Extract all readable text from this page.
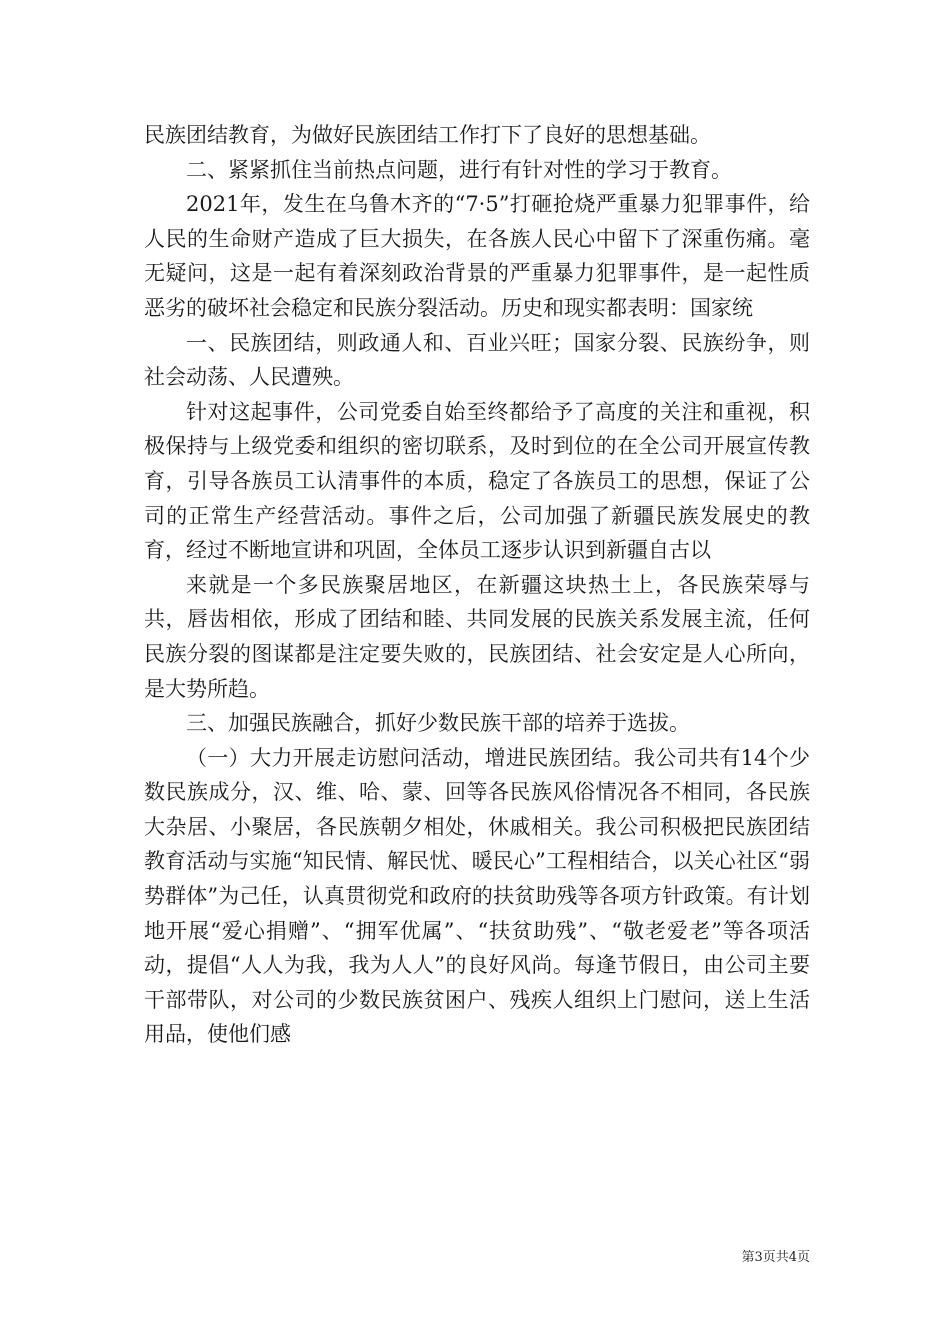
民族团结教育，为做好民族团结工作打下了良好的思想基础。

二、紧紧抓住当前热点问题，进行有针对性的学习于教育。

2021年，发生在乌鲁木齐的“7·5”打砸抢烧严重暴力犯罪事件，给人民的生命财产造成了巨大损失，在各族人民心中留下了深重伤痛。毫无疑问，这是一起有着深刻政治背景的严重暴力犯罪事件，是一起性质恶劣的破坏社会稳定和民族分裂活动。历史和现实都表明：国家统

一、民族团结，则政通人和、百业兴旺；国家分裂、民族纷争，则社会动荡、人民遭殃。

针对这起事件，公司党委自始至终都给予了高度的关注和重视，积极保持与上级党委和组织的密切联系，及时到位的在全公司开展宣传教育，引导各族员工认清事件的本质，稳定了各族员工的思想，保证了公司的正常生产经营活动。事件之后，公司加强了新疆民族发展史的教育，经过不断地宣讲和巩固，全体员工逐步认识到新疆自古以

来就是一个多民族聚居地区，在新疆这块热土上，各民族荣辱与共，唇齿相依，形成了团结和睦、共同发展的民族关系发展主流，任何民族分裂的图谋都是注定要失败的，民族团结、社会安定是人心所向，是大势所趋。

三、加强民族融合，抓好少数民族干部的培养于选拔。

（一）大力开展走访慰问活动，增进民族团结。我公司共有14个少数民族成分，汉、维、哈、蒙、回等各民族风俗情况各不相同，各民族大杂居、小聚居，各民族朝夕相处，休戚相关。我公司积极把民族团结教育活动与实施“知民情、解民忧、暖民心”工程相结合，以关心社区“弱势群体”为己任，认真贯彻党和政府的扶贫助残等各项方针政策。有计划地开展“爱心捐赠”、“拥军优属”、“扶贫助残”、“敬老爱老”等各项活动，提倡“人人为我，我为人人”的良好风尚。每逢节假日，由公司主要干部带队，对公司的少数民族贫困户、残疾人组织上门慰问，送上生活用品，使他们感

第3页共4页
